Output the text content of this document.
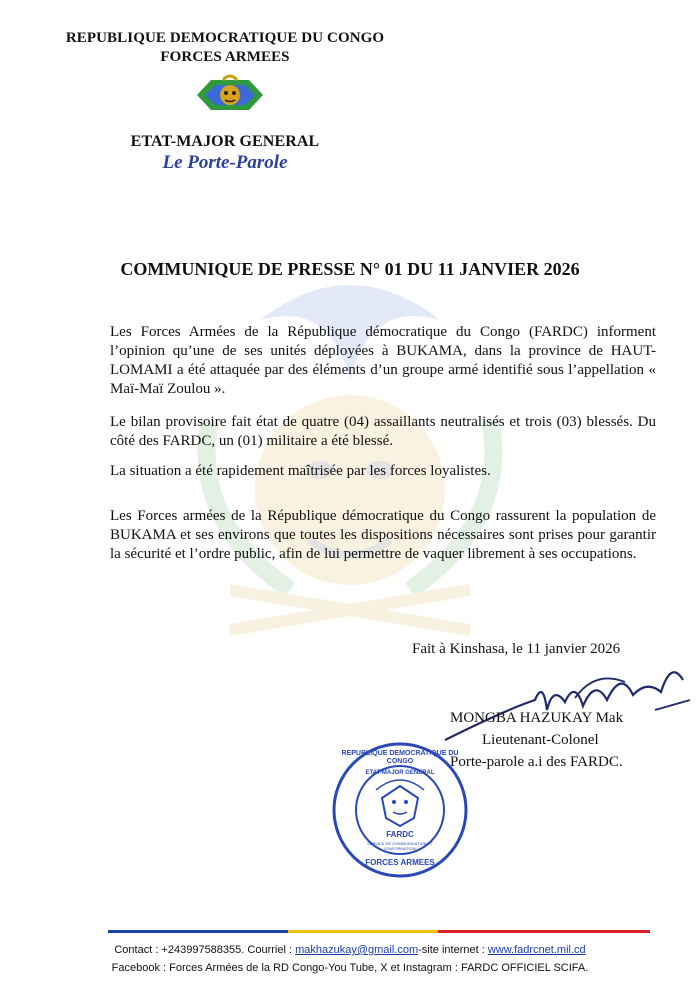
REPUBLIQUE DEMOCRATIQUE DU CONGO
FORCES ARMEES
ETAT-MAJOR GENERAL
Le Porte-Parole
COMMUNIQUE DE PRESSE N° 01 DU 11 JANVIER 2026
Les Forces Armées de la République démocratique du Congo (FARDC) informent l’opinion qu’une de ses unités déployées à BUKAMA, dans la province de HAUT-LOMAMI a été attaquée par des éléments d’un groupe armé identifié sous l’appellation « Maï-Maï Zoulou ».
Le bilan provisoire fait état de quatre (04) assaillants neutralisés et trois (03) blessés. Du côté des FARDC, un (01) militaire a été blessé.
La situation a été rapidement maîtrisée par les forces loyalistes.
Les Forces armées de la République démocratique du Congo rassurent la population de BUKAMA et ses environs que toutes les dispositions nécessaires sont prises pour garantir la sécurité et l’ordre public, afin de lui permettre de vaquer librement à ses occupations.
Fait à Kinshasa, le 11 janvier 2026
MONGBA HAZUKAY Mak
Lieutenant-Colonel
Porte-parole a.i des FARDC.
REPUBLIQUE DEMOCRATIQUE DU CONGO
ETAT-MAJOR GENERAL
FARDC
SERVICE DE COMMUNICATION ET D'INFORMATION
FORCES ARMEES
Contact : +243997588355. Courriel : makhazukay@gmail.com-site internet : www.fadrcnet.mil.cd
Facebook : Forces Armées de la RD Congo-You Tube, X et Instagram : FARDC OFFICIEL SCIFA.
